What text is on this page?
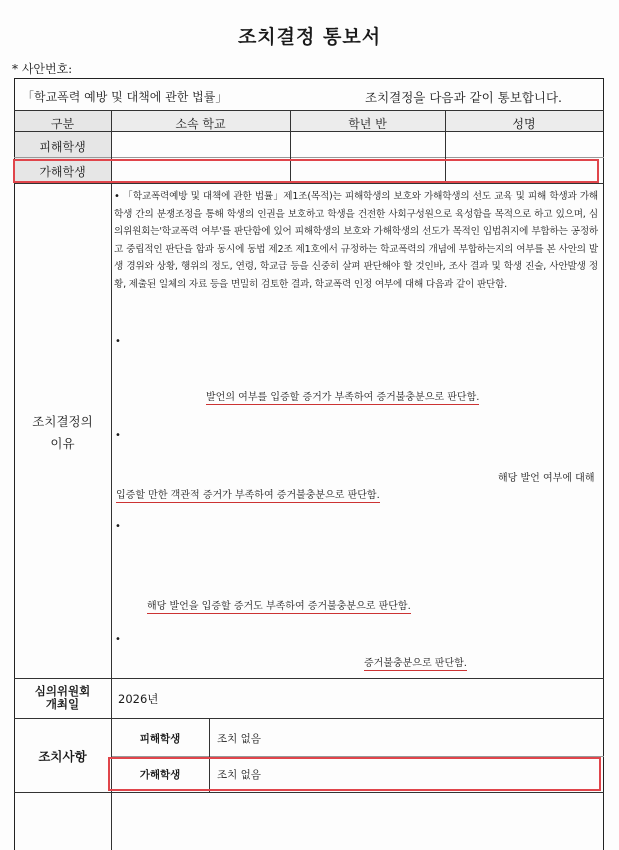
조치결정 통보서
* 사안번호:
「학교폭력 예방 및 대책에 관한 법률」	조치결정을 다음과 같이 통보합니다.
구분	소속 학교	학년 반	성명
피해학생
가해학생
조치결정의
이유
• 「학교폭력예방 및 대책에 관한 법률」제1조(목적)는 피해학생의 보호와 가해학생의 선도 교육 및 피해 학생과 가해학생 간의 분쟁조정을 통해 학생의 인권을 보호하고 학생을 건전한 사회구성원으로 육성함을 목적으로 하고 있으며, 심의위원회는'학교폭력 여부'를 판단함에 있어 피해학생의 보호와 가해학생의 선도가 목적인 입법취지에 부합하는 공정하고 중립적인 판단을 함과 동시에 동법 제2조 제1호에서 규정하는 학교폭력의 개념에 부합하는지의 여부를 본 사안의 발생 경위와 상황, 행위의 정도, 연령, 학교급 등을 신중히 살펴 판단해야 할 것인바, 조사 결과 및 학생 진술, 사안발생 정황, 제출된 일체의 자료 등을 면밀히 검토한 결과, 학교폭력 인정 여부에 대해 다음과 같이 판단함.
•
발언의 여부를 입증할 증거가 부족하여 증거불충분으로 판단함.
•
해당 발언 여부에 대해
입증할 만한 객관적 증거가 부족하여 증거불충분으로 판단함.
•
해당 발언을 입증할 증거도 부족하여 증거불충분으로 판단함.
•
증거불충분으로 판단함.
심의위원회
개최일	2026년
조치사항
피해학생	조치 없음
가해학생	조치 없음
